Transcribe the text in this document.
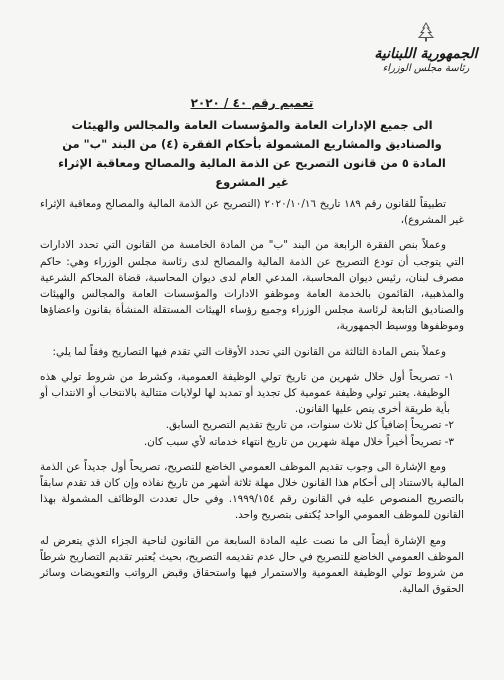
الجمهورية اللبنانية
رئاسة مجلس الوزراء
تعميم رقم ٤٠ / ٢٠٢٠
الى جميع الإدارات العامة والمؤسسات العامة والمجالس والهيئات والصناديق والمشاريع المشمولة بأحكام الفقرة (٤) من البند "ب" من المادة ٥ من قانون التصريح عن الذمة المالية والمصالح ومعاقبة الإثراء غير المشروع

تطبيقاً للقانون رقم ١٨٩ تاريخ ٢٠٢٠/١٠/١٦ (التصريح عن الذمة المالية والمصالح ومعاقبة الإثراء غير المشروع)،

وعملاً بنص الفقرة الرابعة من البند "ب" من المادة الخامسة من القانون التي تحدد الادارات التي يتوجب أن تودع التصريح عن الذمة المالية والمصالح لدى رئاسة مجلس الوزراء وهي: حاكم مصرف لبنان، رئيس ديوان المحاسبة، المدعي العام لدى ديوان المحاسبة، قضاة المحاكم الشرعية والمذهبية، القائمون بالخدمة العامة وموظفو الادارات والمؤسسات العامة والمجالس والهيئات والصناديق التابعة لرئاسة مجلس الوزراء وجميع رؤساء الهيئات المستقلة المنشأة بقانون واعضاؤها وموظفوها ووسيط الجمهورية،

وعملاً بنص المادة الثالثة من القانون التي تحدد الأوقات التي تقدم فيها التصاريح وفقاً لما يلي:

١- تصريحاً أول خلال شهرين من تاريخ تولي الوظيفة العمومية، وكشرط من شروط تولي هذه الوظيفة. يعتبر تولي وظيفة عمومية كل تجديد أو تمديد لها لولايات متتالية بالانتخاب أو الانتداب أو بأية طريقة أخرى ينص عليها القانون.
٢- تصريحاً إضافياً كل ثلاث سنوات، من تاريخ تقديم التصريح السابق.
٣- تصريحاً أخيراً خلال مهلة شهرين من تاريخ انتهاء خدماته لأي سبب كان.

ومع الإشارة الى وجوب تقديم الموظف العمومي الخاضع للتصريح، تصريحاً أول جديداً عن الذمة المالية بالاستناد إلى أحكام هذا القانون خلال مهلة ثلاثة أشهر من تاريخ نفاذه وإن كان قد تقدم سابقاً بالتصريح المنصوص عليه في القانون رقم ١٩٩٩/١٥٤. وفي حال تعددت الوظائف المشمولة بهذا القانون للموظف العمومي الواحد يُكتفى بتصريح واحد.

ومع الإشارة أيضاً الى ما نصت عليه المادة السابعة من القانون لناحية الجزاء الذي يتعرض له الموظف العمومي الخاضع للتصريح في حال عدم تقديمه التصريح، بحيث يُعتبر تقديم التصاريح شرطاً من شروط تولي الوظيفة العمومية والاستمرار فيها واستحقاق وقبض الرواتب والتعويضات وسائر الحقوق المالية.
